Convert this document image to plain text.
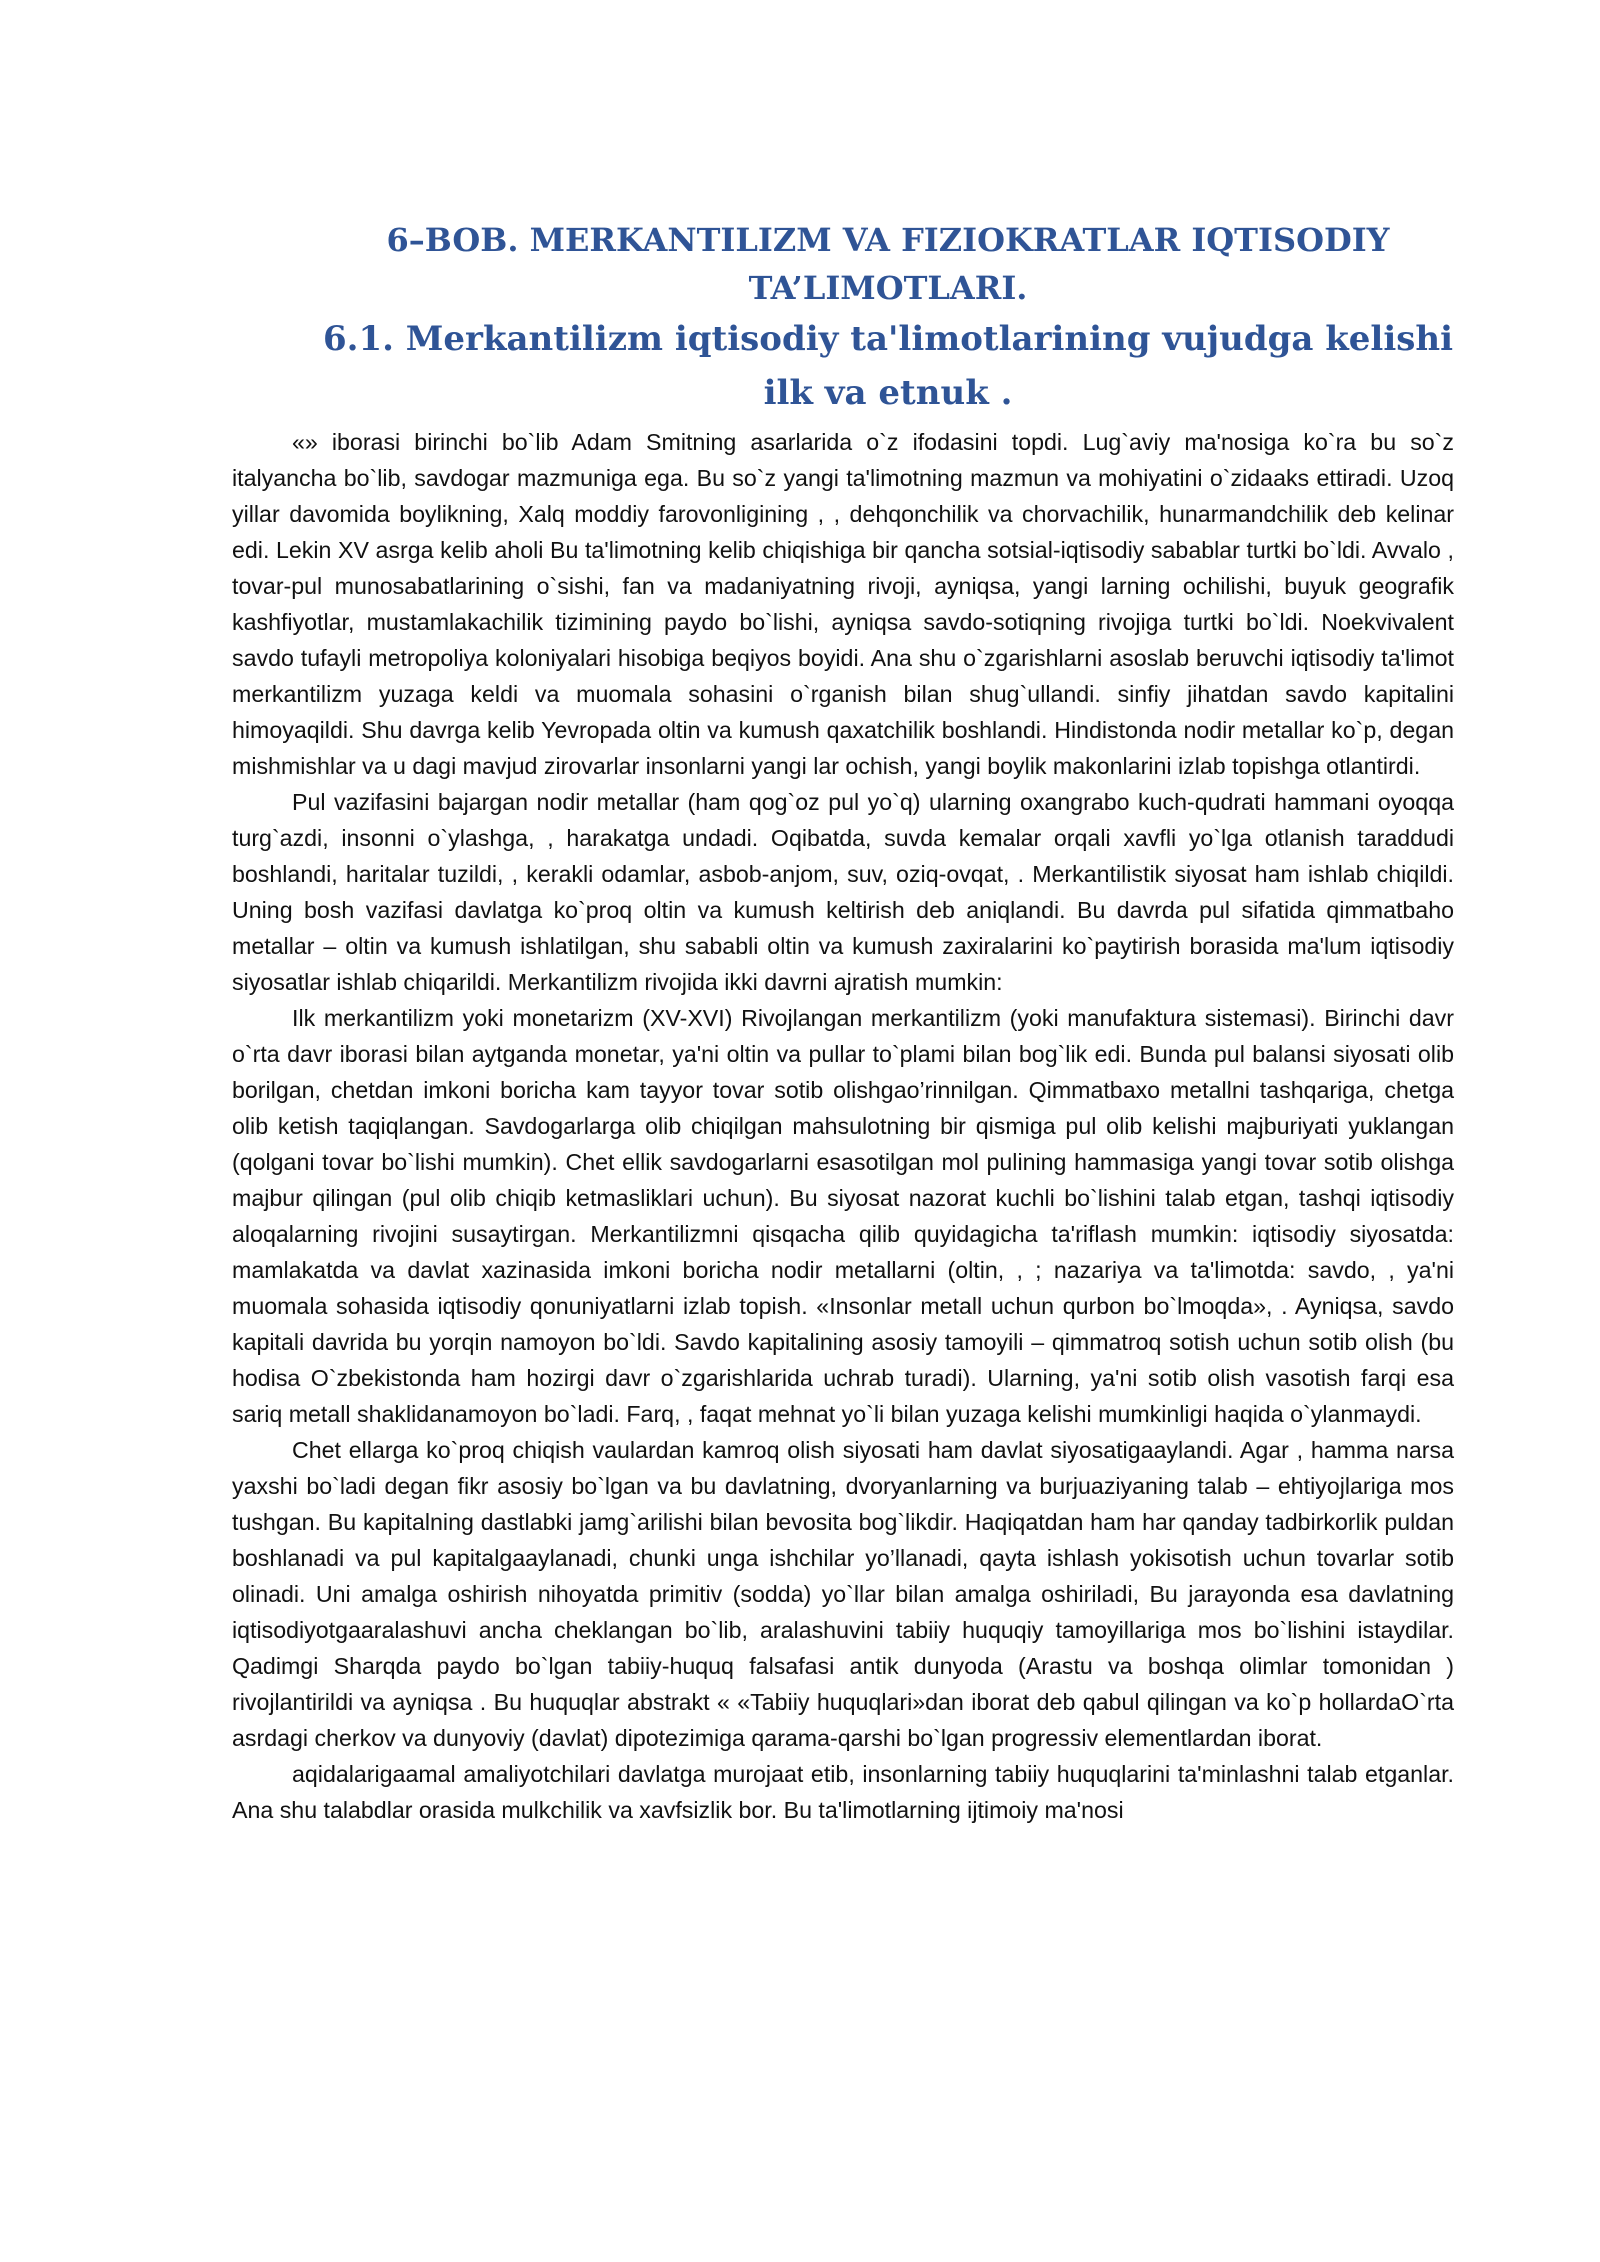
6–BOB. MERKANTILIZM VA FIZIOKRATLAR IQTISODIY TA’LIMOTLARI.
6.1. Merkantilizm iqtisodiy ta'limotlarining vujudga kelishi ilk va etnuk .

«» iborasi birinchi bo`lib Adam Smitning asarlarida o`z ifodasini topdi. Lug`aviy ma'nosiga ko`ra bu so`z italyancha bo`lib, savdogar mazmuniga ega. Bu so`z yangi ta'limotning mazmun va mohiyatini o`zidaaks ettiradi. Uzoq yillar davomida boylikning, Xalq moddiy farovonligining , , dehqonchilik va chorvachilik, hunarmandchilik deb kelinar edi. Lekin XV asrga kelib aholi Bu ta'limotning kelib chiqishiga bir qancha sotsial-iqtisodiy sabablar turtki bo`ldi. Avvalo , tovar-pul munosabatlarining o`sishi, fan va madaniyatning rivoji, ayniqsa, yangi larning ochilishi, buyuk geografik kashfiyotlar, mustamlakachilik tizimining paydo bo`lishi, ayniqsa savdo-sotiqning rivojiga turtki bo`ldi. Noekvivalent savdo tufayli metropoliya koloniyalari hisobiga beqiyos boyidi. Ana shu o`zgarishlarni asoslab beruvchi iqtisodiy ta'limot merkantilizm yuzaga keldi va muomala sohasini o`rganish bilan shug`ullandi. sinfiy jihatdan savdo kapitalini himoyaqildi. Shu davrga kelib Yevropada oltin va kumush qaxatchilik boshlandi. Hindistonda nodir metallar ko`p, degan mishmishlar va u dagi mavjud zirovarlar insonlarni yangi lar ochish, yangi boylik makonlarini izlab topishga otlantirdi.

Pul vazifasini bajargan nodir metallar (ham qog`oz pul yo`q) ularning oxangrabo kuch-qudrati hammani oyoqqa turg`azdi, insonni o`ylashga, , harakatga undadi. Oqibatda, suvda kemalar orqali xavfli yo`lga otlanish taraddudi boshlandi, haritalar tuzildi, , kerakli odamlar, asbob-anjom, suv, oziq-ovqat, . Merkantilistik siyosat ham ishlab chiqildi. Uning bosh vazifasi davlatga ko`proq oltin va kumush keltirish deb aniqlandi. Bu davrda pul sifatida qimmatbaho metallar – oltin va kumush ishlatilgan, shu sababli oltin va kumush zaxiralarini ko`paytirish borasida ma'lum iqtisodiy siyosatlar ishlab chiqarildi. Merkantilizm rivojida ikki davrni ajratish mumkin:

Ilk merkantilizm yoki monetarizm (XV-XVI) Rivojlangan merkantilizm (yoki manufaktura sistemasi). Birinchi davr o`rta davr iborasi bilan aytganda monetar, ya'ni oltin va pullar to`plami bilan bog`lik edi. Bunda pul balansi siyosati olib borilgan, chetdan imkoni boricha kam tayyor tovar sotib olishgao’rinnilgan. Qimmatbaxo metallni tashqariga, chetga olib ketish taqiqlangan. Savdogarlarga olib chiqilgan mahsulotning bir qismiga pul olib kelishi majburiyati yuklangan (qolgani tovar bo`lishi mumkin). Chet ellik savdogarlarni esasotilgan mol pulining hammasiga yangi tovar sotib olishga majbur qilingan (pul olib chiqib ketmasliklari uchun). Bu siyosat nazorat kuchli bo`lishini talab etgan, tashqi iqtisodiy aloqalarning rivojini susaytirgan. Merkantilizmni qisqacha qilib quyidagicha ta'riflash mumkin: iqtisodiy siyosatda: mamlakatda va davlat xazinasida imkoni boricha nodir metallarni (oltin, , ; nazariya va ta'limotda: savdo, , ya'ni muomala sohasida iqtisodiy qonuniyatlarni izlab topish. «Insonlar metall uchun qurbon bo`lmoqda», . Ayniqsa, savdo kapitali davrida bu yorqin namoyon bo`ldi. Savdo kapitalining asosiy tamoyili – qimmatroq sotish uchun sotib olish (bu hodisa O`zbekistonda ham hozirgi davr o`zgarishlarida uchrab turadi). Ularning, ya'ni sotib olish vasotish farqi esa sariq metall shaklidanamoyon bo`ladi. Farq, , faqat mehnat yo`li bilan yuzaga kelishi mumkinligi haqida o`ylanmaydi.

Chet ellarga ko`proq chiqish vaulardan kamroq olish siyosati ham davlat siyosatigaaylandi. Agar , hamma narsa yaxshi bo`ladi degan fikr asosiy bo`lgan va bu davlatning, dvoryanlarning va burjuaziyaning talab – ehtiyojlariga mos tushgan. Bu kapitalning dastlabki jamg`arilishi bilan bevosita bog`likdir. Haqiqatdan ham har qanday tadbirkorlik puldan boshlanadi va pul kapitalgaaylanadi, chunki unga ishchilar yo’llanadi, qayta ishlash yokisotish uchun tovarlar sotib olinadi. Uni amalga oshirish nihoyatda primitiv (sodda) yo`llar bilan amalga oshiriladi, Bu jarayonda esa davlatning iqtisodiyotgaaralashuvi ancha cheklangan bo`lib, aralashuvini tabiiy huquqiy tamoyillariga mos bo`lishini istaydilar. Qadimgi Sharqda paydo bo`lgan tabiiy-huquq falsafasi antik dunyoda (Arastu va boshqa olimlar tomonidan ) rivojlantirildi va ayniqsa . Bu huquqlar abstrakt « «Tabiiy huquqlari»dan iborat deb qabul qilingan va ko`p hollardaO`rta asrdagi cherkov va dunyoviy (davlat) dipotezimiga qarama-qarshi bo`lgan progressiv elementlardan iborat.

aqidalarigaamal amaliyotchilari davlatga murojaat etib, insonlarning tabiiy huquqlarini ta'minlashni talab etganlar. Ana shu talabdlar orasida mulkchilik va xavfsizlik bor. Bu ta'limotlarning ijtimoiy ma'nosi
